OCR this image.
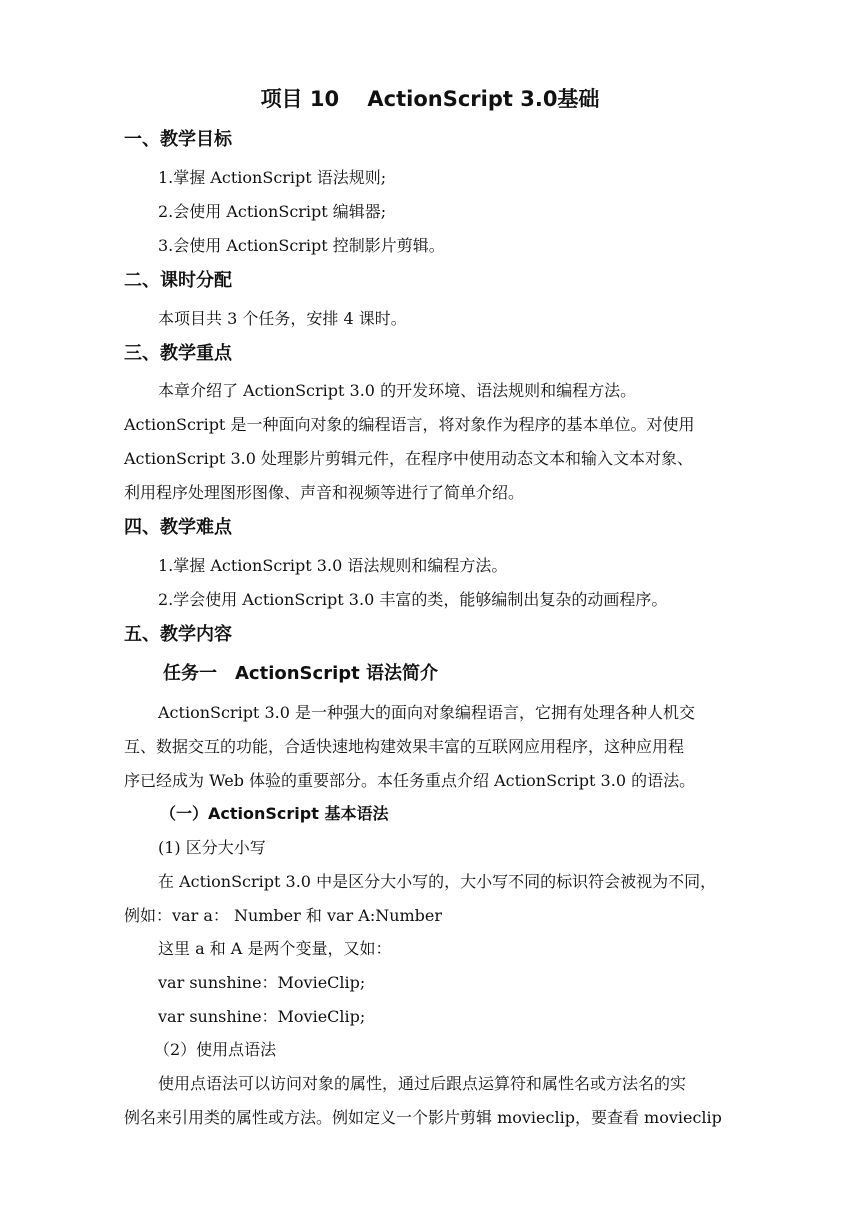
项目 10　 ActionScript 3.0基础
一、教学目标
1.掌握 ActionScript 语法规则;
2.会使用 ActionScript 编辑器;
3.会使用 ActionScript 控制影片剪辑。
二、课时分配
本项目共 3 个任务，安排 4 课时。
三、教学重点
本章介绍了 ActionScript 3.0 的开发环境、语法规则和编程方法。
ActionScript 是一种面向对象的编程语言，将对象作为程序的基本单位。对使用
ActionScript 3.0 处理影片剪辑元件，在程序中使用动态文本和输入文本对象、
利用程序处理图形图像、声音和视频等进行了简单介绍。
四、教学难点
1.掌握 ActionScript 3.0 语法规则和编程方法。
2.学会使用 ActionScript 3.0 丰富的类，能够编制出复杂的动画程序。
五、教学内容
任务一　ActionScript 语法简介
ActionScript 3.0 是一种强大的面向对象编程语言，它拥有处理各种人机交
互、数据交互的功能，合适快速地构建效果丰富的互联网应用程序，这种应用程
序已经成为 Web 体验的重要部分。本任务重点介绍 ActionScript 3.0 的语法。
（一）ActionScript 基本语法
(1) 区分大小写
在 ActionScript 3.0 中是区分大小写的，大小写不同的标识符会被视为不同，
例如：var a： Number 和 var A:Number
这里 a 和 A 是两个变量，又如：
var sunshine：MovieClip;
var sunshine：MovieClip;
（2）使用点语法
使用点语法可以访问对象的属性，通过后跟点运算符和属性名或方法名的实
例名来引用类的属性或方法。例如定义一个影片剪辑 movieclip，要查看 movieclip
